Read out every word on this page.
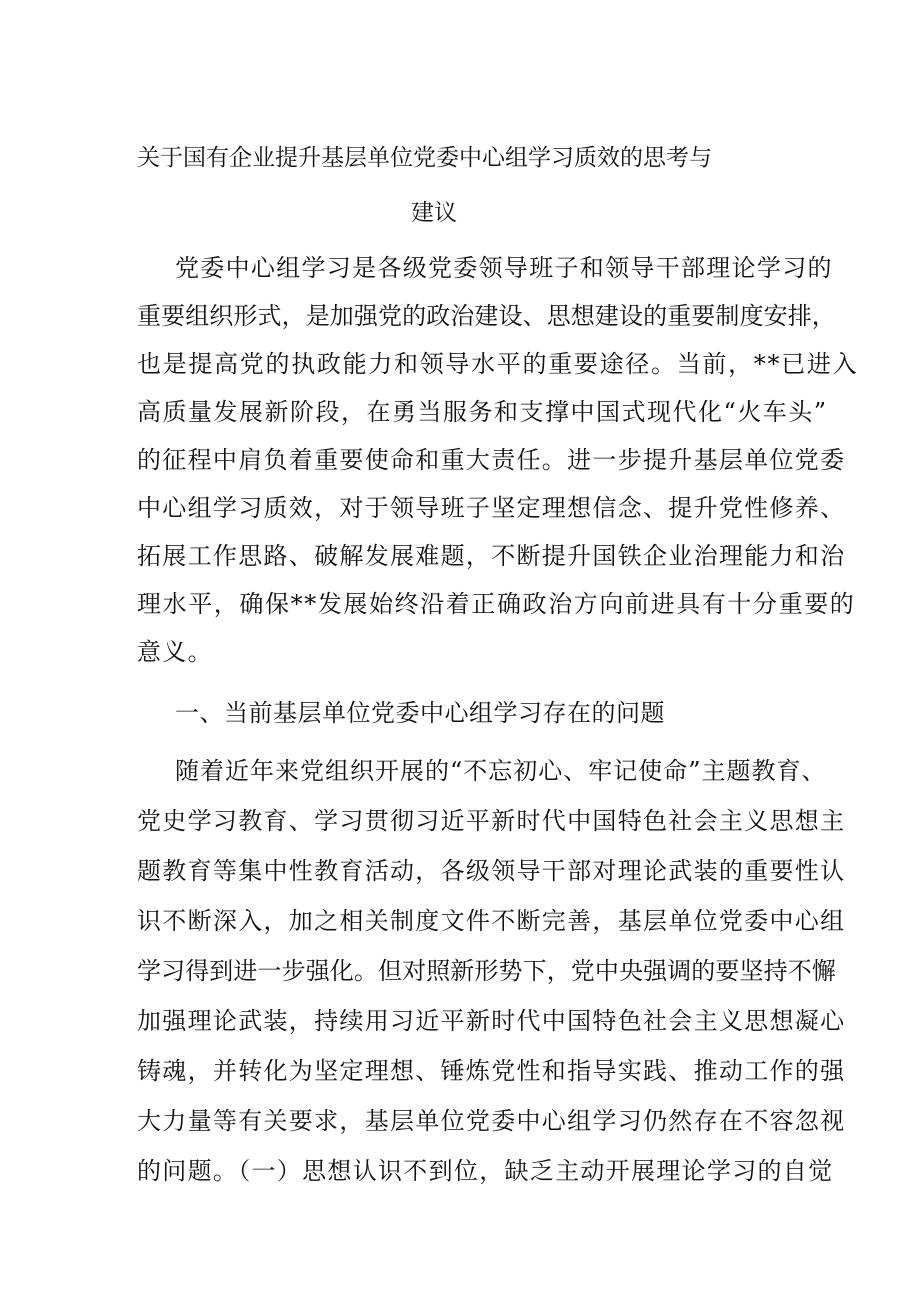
关于国有企业提升基层单位党委中心组学习质效的思考与
建议
党委中心组学习是各级党委领导班子和领导干部理论学习的
重要组织形式，是加强党的政治建设、思想建设的重要制度安排，
也是提高党的执政能力和领导水平的重要途径。当前，**已进入
高质量发展新阶段，在勇当服务和支撑中国式现代化“火车头”
的征程中肩负着重要使命和重大责任。进一步提升基层单位党委
中心组学习质效，对于领导班子坚定理想信念、提升党性修养、
拓展工作思路、破解发展难题，不断提升国铁企业治理能力和治
理水平，确保**发展始终沿着正确政治方向前进具有十分重要的
意义。
一、当前基层单位党委中心组学习存在的问题
随着近年来党组织开展的“不忘初心、牢记使命”主题教育、
党史学习教育、学习贯彻习近平新时代中国特色社会主义思想主
题教育等集中性教育活动，各级领导干部对理论武装的重要性认
识不断深入，加之相关制度文件不断完善，基层单位党委中心组
学习得到进一步强化。但对照新形势下，党中央强调的要坚持不懈
加强理论武装，持续用习近平新时代中国特色社会主义思想凝心
铸魂，并转化为坚定理想、锤炼党性和指导实践、推动工作的强
大力量等有关要求，基层单位党委中心组学习仍然存在不容忽视
的问题。（一）思想认识不到位，缺乏主动开展理论学习的自觉
